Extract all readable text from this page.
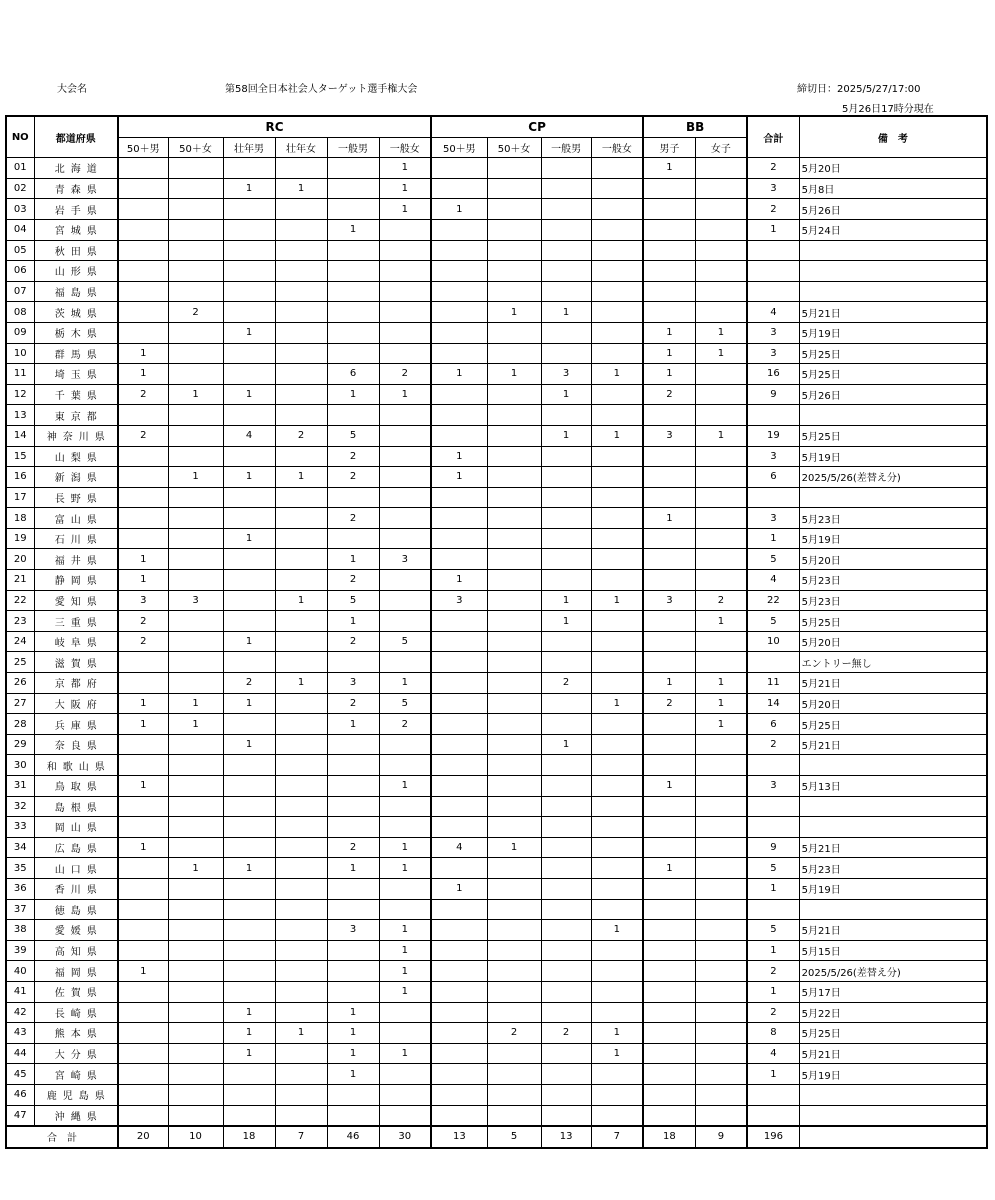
大会名	第58回全日本社会人ターゲット選手権大会	締切日：2025/5/27/17:00
5月26日17時分現在
NO	都道府県	RC						CP				BB		合計	備　考
		50＋男	50＋女	壮年男	壮年女	一般男	一般女	50＋男	50＋女	一般男	一般女	男子	女子		
01	北海道						1					1		2	5月20日
02	青森県			1	1		1							3	5月8日
03	岩手県						1	1						2	5月26日
04	宮城県					1								1	5月24日
05	秋田県														
06	山形県														
07	福島県														
08	茨城県		2						1	1				4	5月21日
09	栃木県			1								1	1	3	5月19日
10	群馬県	1										1	1	3	5月25日
11	埼玉県	1				6	2	1	1	3	1	1		16	5月25日
12	千葉県	2	1	1		1	1			1		2		9	5月26日
13	東京都														
14	神奈川県	2		4	2	5				1	1	3	1	19	5月25日
15	山梨県					2		1						3	5月19日
16	新潟県		1	1	1	2		1						6	2025/5/26(差替え分)
17	長野県														
18	富山県					2						1		3	5月23日
19	石川県			1										1	5月19日
20	福井県	1				1	3							5	5月20日
21	静岡県	1				2		1						4	5月23日
22	愛知県	3	3		1	5		3		1	1	3	2	22	5月23日
23	三重県	2				1				1			1	5	5月25日
24	岐阜県	2		1		2	5							10	5月20日
25	滋賀県														エントリー無し
26	京都府			2	1	3	1			2		1	1	11	5月21日
27	大阪府	1	1	1		2	5				1	2	1	14	5月20日
28	兵庫県	1	1			1	2						1	6	5月25日
29	奈良県			1						1				2	5月21日
30	和歌山県														
31	鳥取県	1					1					1		3	5月13日
32	島根県														
33	岡山県														
34	広島県	1				2	1	4	1					9	5月21日
35	山口県		1	1		1	1					1		5	5月23日
36	香川県							1						1	5月19日
37	徳島県														
38	愛媛県					3	1				1			5	5月21日
39	高知県						1							1	5月15日
40	福岡県	1					1							2	2025/5/26(差替え分)
41	佐賀県						1							1	5月17日
42	長崎県			1		1								2	5月22日
43	熊本県			1	1	1			2	2	1			8	5月25日
44	大分県			1		1	1				1			4	5月21日
45	宮崎県					1								1	5月19日
46	鹿児島県														
47	沖縄県														
合　計		20	10	18	7	46	30	13	5	13	7	18	9	196	
